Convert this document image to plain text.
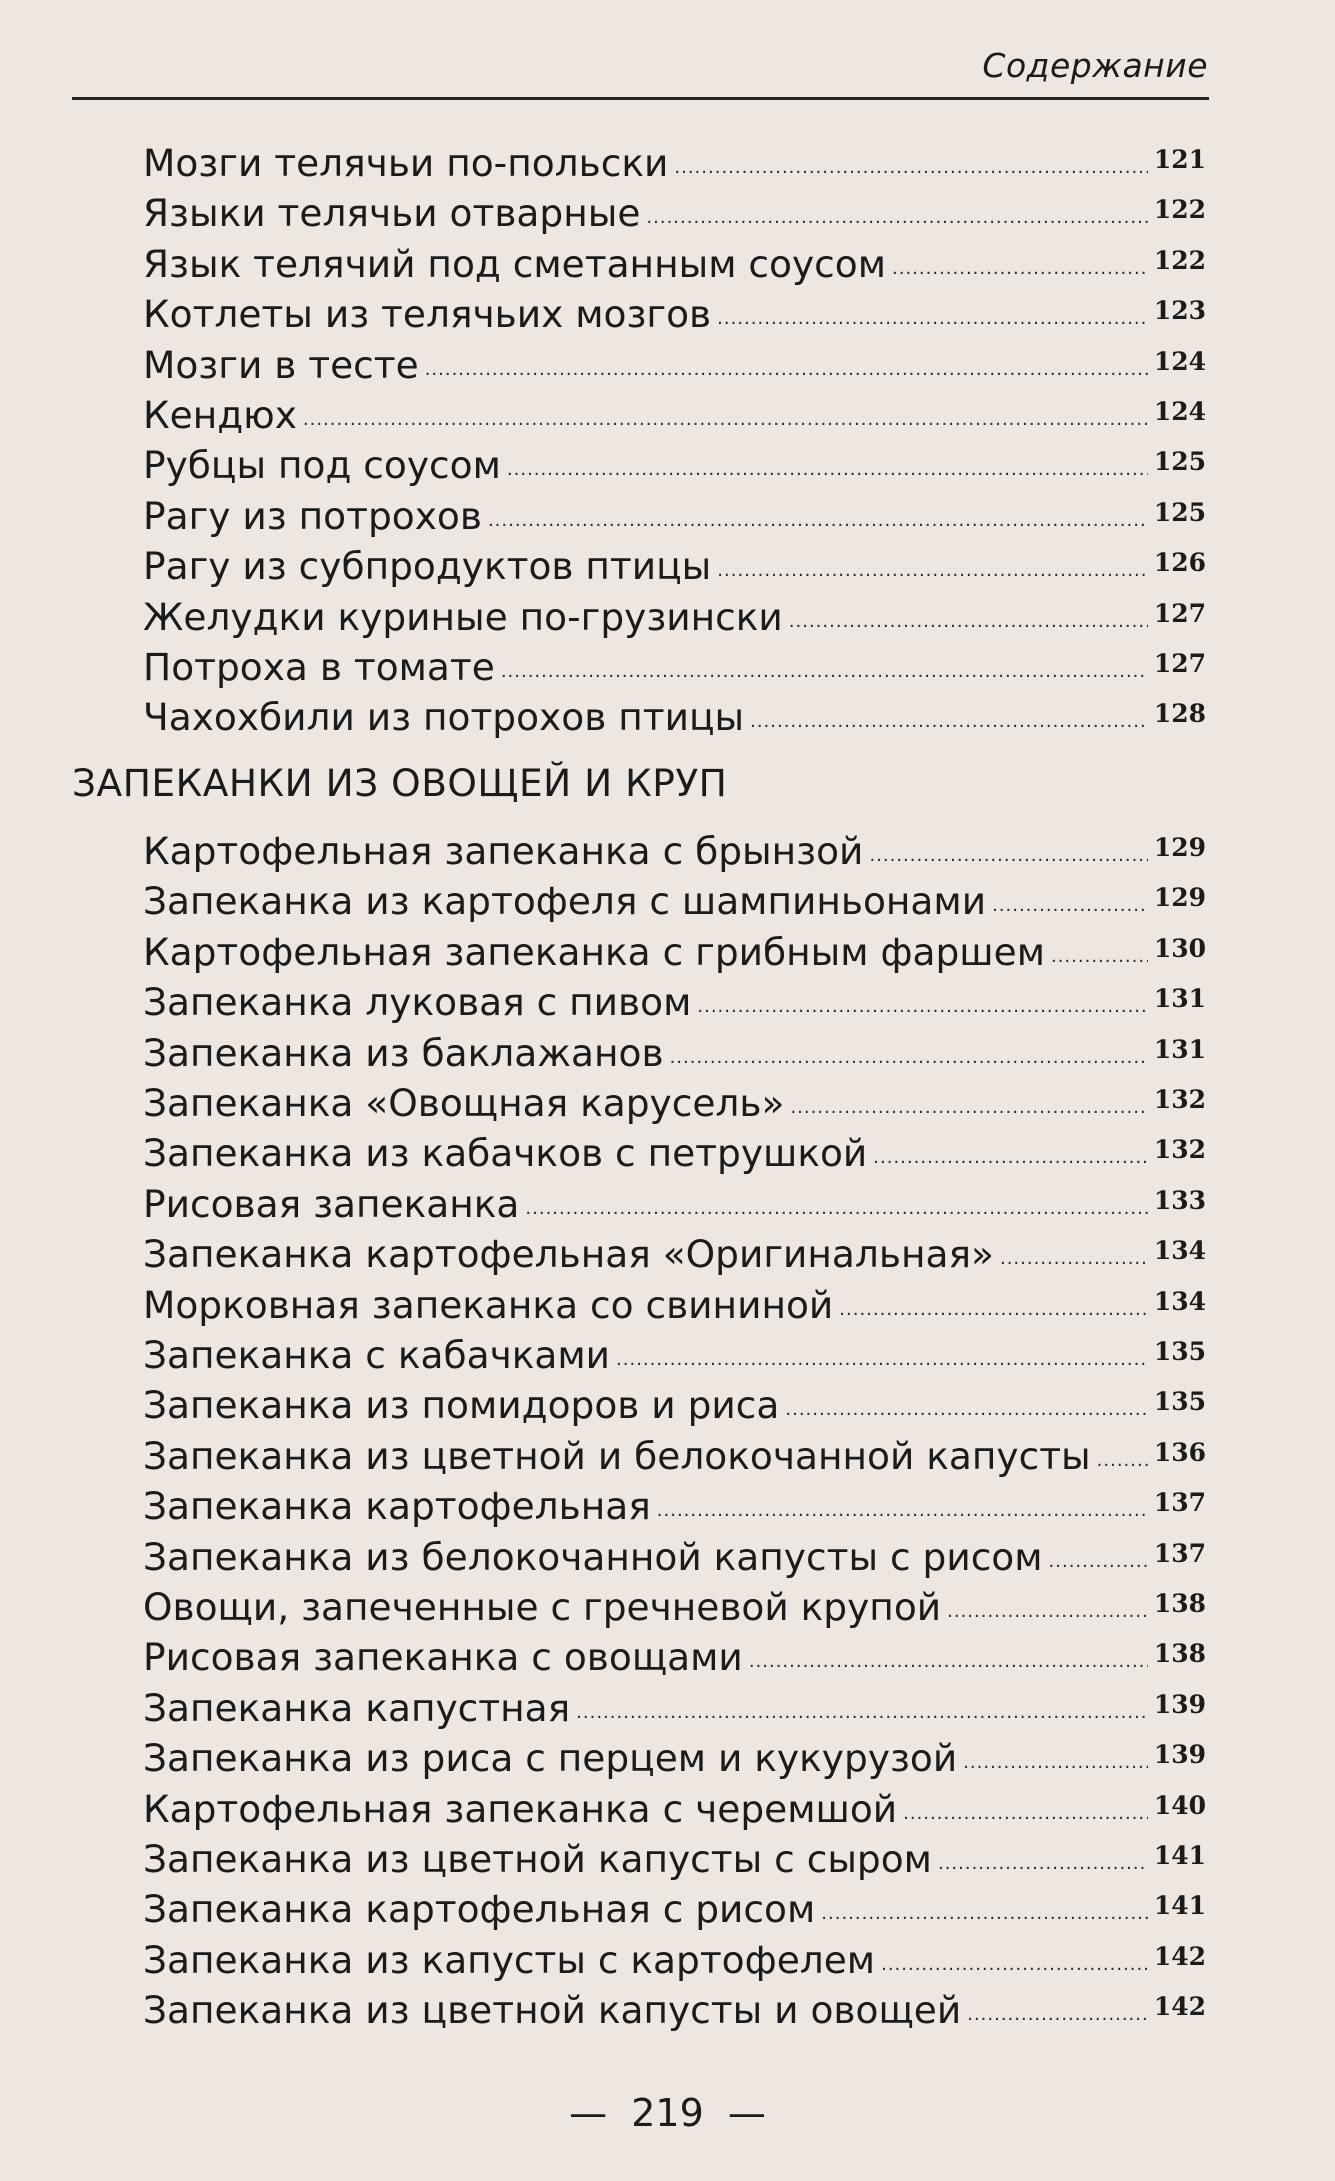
Содержание
Мозги телячьи по-польски .....	121
Языки телячьи отварные .....	122
Язык телячий под сметанным соусом .....	122
Котлеты из телячьих мозгов .....	123
Мозги в тесте .....	124
Кендюх .....	124
Рубцы под соусом .....	125
Рагу из потрохов .....	125
Рагу из субпродуктов птицы .....	126
Желудки куриные по-грузински .....	127
Потроха в томате .....	127
Чахохбили из потрохов птицы .....	128
ЗАПЕКАНКИ ИЗ ОВОЩЕЙ И КРУП
Картофельная запеканка с брынзой .....	129
Запеканка из картофеля с шампиньонами .....	129
Картофельная запеканка с грибным фаршем .....	130
Запеканка луковая с пивом .....	131
Запеканка из баклажанов .....	131
Запеканка «Овощная карусель» .....	132
Запеканка из кабачков с петрушкой .....	132
Рисовая запеканка .....	133
Запеканка картофельная «Оригинальная» .....	134
Морковная запеканка со свининой .....	134
Запеканка с кабачками .....	135
Запеканка из помидоров и риса .....	135
Запеканка из цветной и белокочанной капусты .....	136
Запеканка картофельная .....	137
Запеканка из белокочанной капусты с рисом .....	137
Овощи, запеченные с гречневой крупой .....	138
Рисовая запеканка с овощами .....	138
Запеканка капустная .....	139
Запеканка из риса с перцем и кукурузой .....	139
Картофельная запеканка с черемшой .....	140
Запеканка из цветной капусты с сыром .....	141
Запеканка картофельная с рисом .....	141
Запеканка из капусты с картофелем .....	142
Запеканка из цветной капусты и овощей .....	142
— 219 —
